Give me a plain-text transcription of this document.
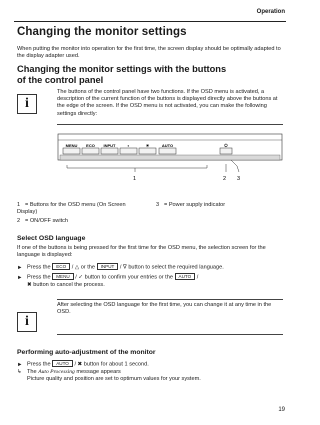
Operation
Changing the monitor settings
When putting the monitor into operation for the first time, the screen display should be optimally adapted to the display adapter used.
Changing the monitor settings with the buttons
of the control panel
i
The buttons of the control panel have two functions. If the OSD menu is activated, a description of the current function of the buttons is displayed directly above the buttons at the edge of the screen. If the OSD menu is not activated, you can make the following settings directly:
MENU ECO INPUT	◐	☀	AUTO	⏻
1	2 3
1 = Buttons for the OSD menu (On Screen Display)
2 = ON/OFF switch
3 = Power supply indicator
Select OSD language
If one of the buttons is being pressed for the first time for the OSD menu, the selection screen for the language is displayed:
► Press the ECO / △ or the INPUT / ∇ button to select the required language.
► Press the MENU / ✓ button to confirm your entries or the AUTO /
✖ button to cancel the process.
i
After selecting the OSD language for the first time, you can change it at any time in the OSD.
Performing auto-adjustment of the monitor
► Press the AUTO / ✖ button for about 1 second.
↳ The Auto Processing message appears
Picture quality and position are set to optimum values for your system.
19
